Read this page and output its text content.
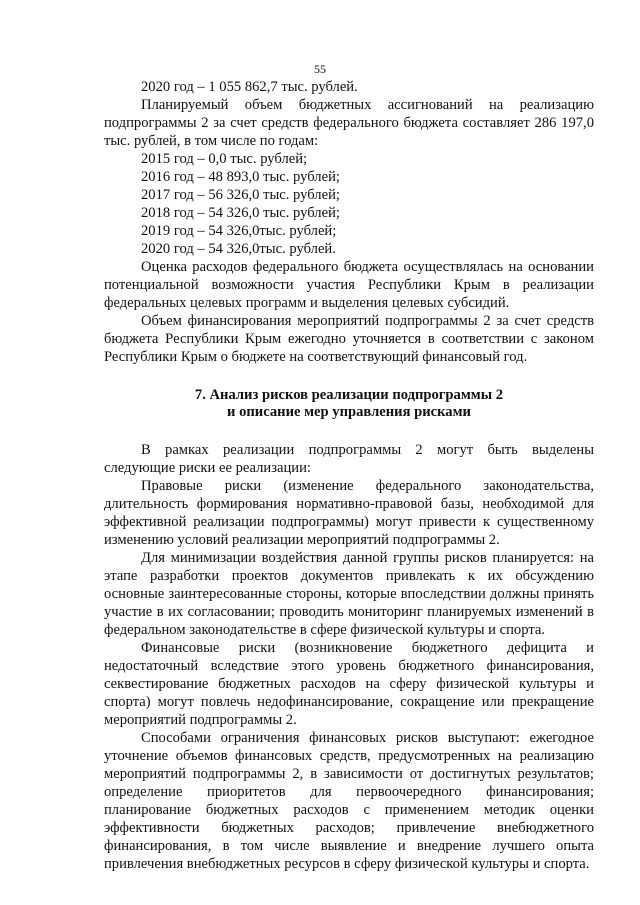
55

2020 год – 1 055 862,7 тыс. рублей.

Планируемый объем бюджетных ассигнований на реализацию подпрограммы 2 за счет средств федерального бюджета составляет 286 197,0 тыс. рублей, в том числе по годам:

2015 год – 0,0 тыс. рублей;

2016 год – 48 893,0 тыс. рублей;

2017 год – 56 326,0 тыс. рублей;

2018 год – 54 326,0 тыс. рублей;

2019 год – 54 326,0тыс. рублей;

2020 год – 54 326,0тыс. рублей.

Оценка расходов федерального бюджета осуществлялась на основании потенциальной возможности участия Республики Крым в реализации федеральных целевых программ и выделения целевых субсидий.

Объем финансирования мероприятий подпрограммы 2 за счет средств бюджета Республики Крым ежегодно уточняется в соответствии с законом Республики Крым о бюджете на соответствующий финансовый год.

7. Анализ рисков реализации подпрограммы 2
и описание мер управления рисками

В рамках реализации подпрограммы 2 могут быть выделены следующие риски ее реализации:

Правовые риски (изменение федерального законодательства, длительность формирования нормативно-правовой базы, необходимой для эффективной реализации подпрограммы) могут привести к существенному изменению условий реализации мероприятий подпрограммы 2.

Для минимизации воздействия данной группы рисков планируется: на этапе разработки проектов документов привлекать к их обсуждению основные заинтересованные стороны, которые впоследствии должны принять участие в их согласовании; проводить мониторинг планируемых изменений в федеральном законодательстве в сфере физической культуры и спорта.

Финансовые риски (возникновение бюджетного дефицита и недостаточный вследствие этого уровень бюджетного финансирования, секвестирование бюджетных расходов на сферу физической культуры и спорта) могут повлечь недофинансирование, сокращение или прекращение мероприятий подпрограммы 2.

Способами ограничения финансовых рисков выступают: ежегодное уточнение объемов финансовых средств, предусмотренных на реализацию мероприятий подпрограммы 2, в зависимости от достигнутых результатов; определение приоритетов для первоочередного финансирования; планирование бюджетных расходов с применением методик оценки эффективности бюджетных расходов; привлечение внебюджетного финансирования, в том числе выявление и внедрение лучшего опыта привлечения внебюджетных ресурсов в сферу физической культуры и спорта.
